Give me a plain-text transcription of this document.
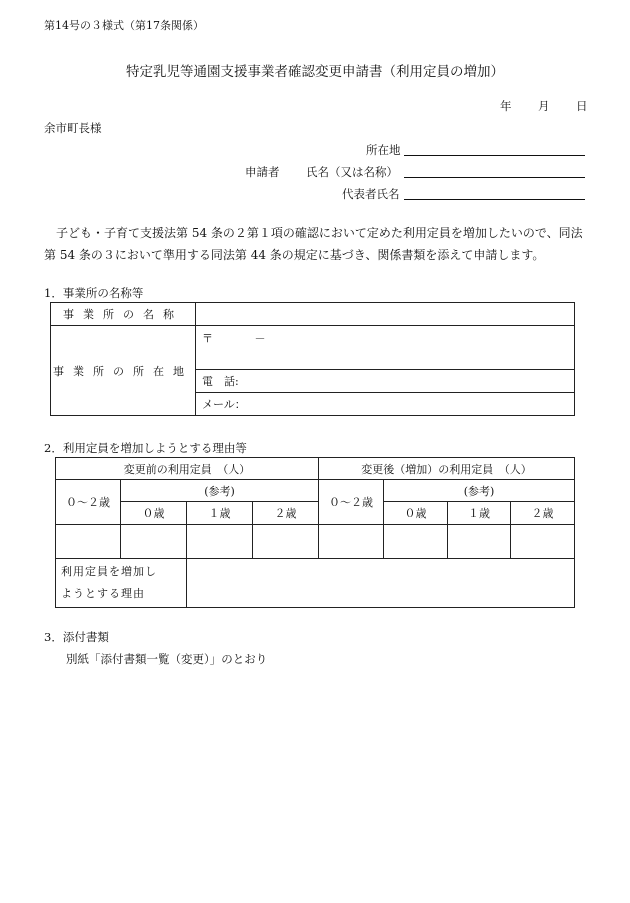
第14号の３様式（第17条関係）
特定乳児等通園支援事業者確認変更申請書（利用定員の増加）
年 月 日
余市町長様
所在地
申請者 氏名（又は名称）
代表者氏名
子ども・子育て支援法第 54 条の２第１項の確認において定めた利用定員を増加したいので、同法第 54 条の３において準用する同法第 44 条の規定に基づき、関係書類を添えて申請します。
1．事業所の名称等
事業所の名称	
事業所の所在地	〒 －
	電　話:
	メール：
2．利用定員を増加しようとする理由等
変更前の利用定員　（人）				変更後（増加）の利用定員　（人）			
０～２歳	(参考)			０～２歳	(参考)		
	０歳	１歳	２歳		０歳	１歳	２歳

利用定員を増加しようとする理由							

3．添付書類
別紙「添付書類一覧（変更）」のとおり
